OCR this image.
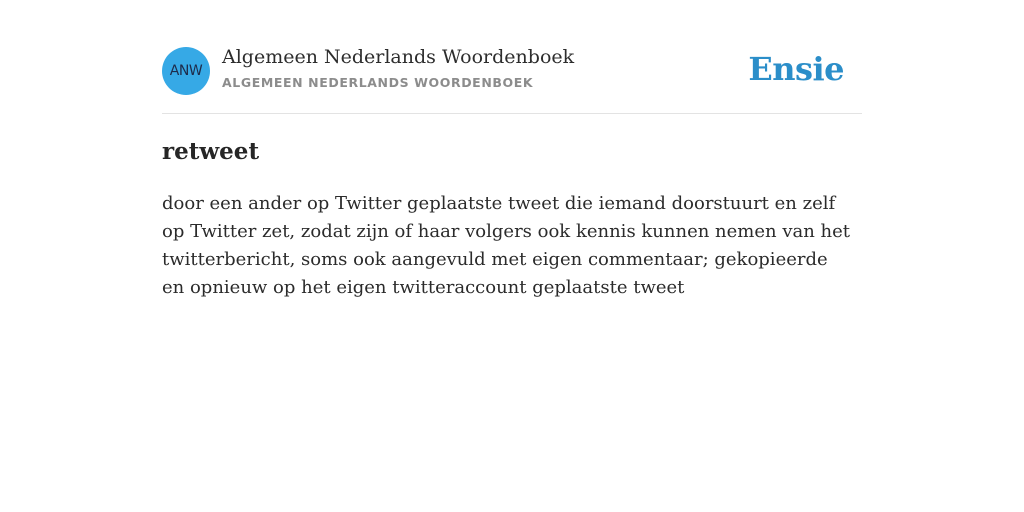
ANW
Algemeen Nederlands Woordenboek
ALGEMEEN NEDERLANDS WOORDENBOEK	Ensie
retweet

door een ander op Twitter geplaatste tweet die iemand doorstuurt en zelf op Twitter zet, zodat zijn of haar volgers ook kennis kunnen nemen van het twitterbericht, soms ook aangevuld met eigen commentaar; gekopieerde en opnieuw op het eigen twitteraccount geplaatste tweet
